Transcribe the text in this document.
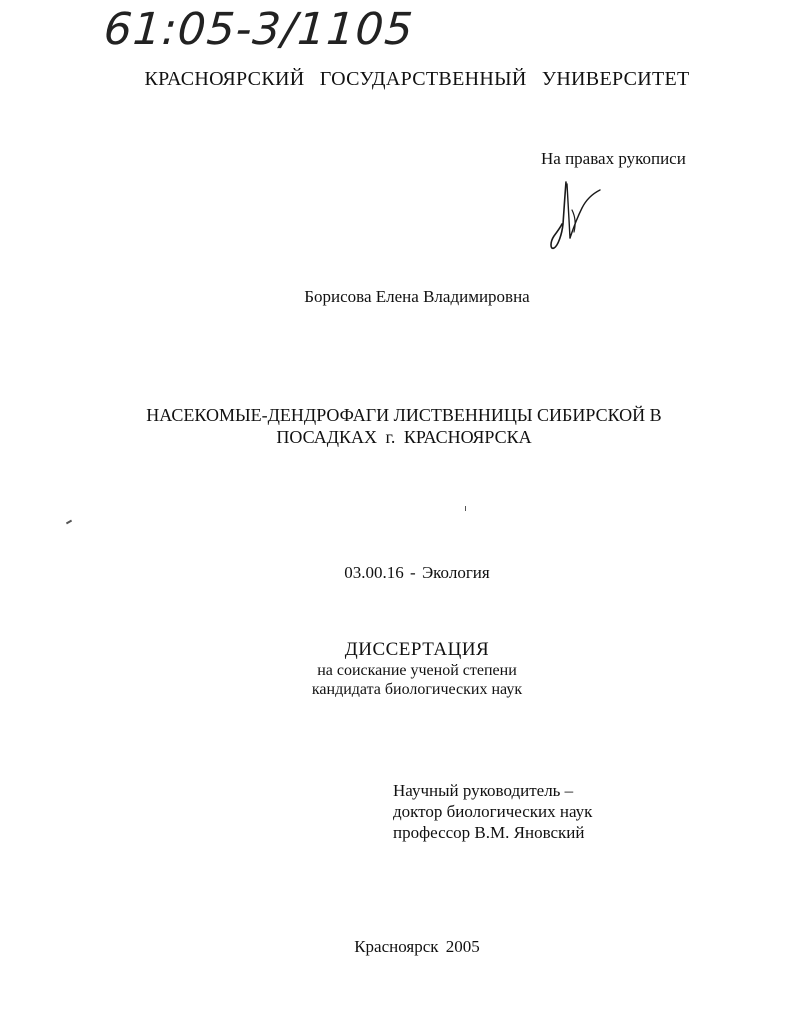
61:05-3/1105
КРАСНОЯРСКИЙ ГОСУДАРСТВЕННЫЙ УНИВЕРСИТЕТ
На правах рукописи
Борисова Елена Владимировна
НАСЕКОМЫЕ-ДЕНДРОФАГИ ЛИСТВЕННИЦЫ СИБИРСКОЙ В
ПОСАДКАХ г. КРАСНОЯРСКА
03.00.16 - Экология
ДИССЕРТАЦИЯ
на соискание ученой степени
кандидата биологических наук
Научный руководитель –
доктор биологических наук
профессор В.М. Яновский
Красноярск 2005
